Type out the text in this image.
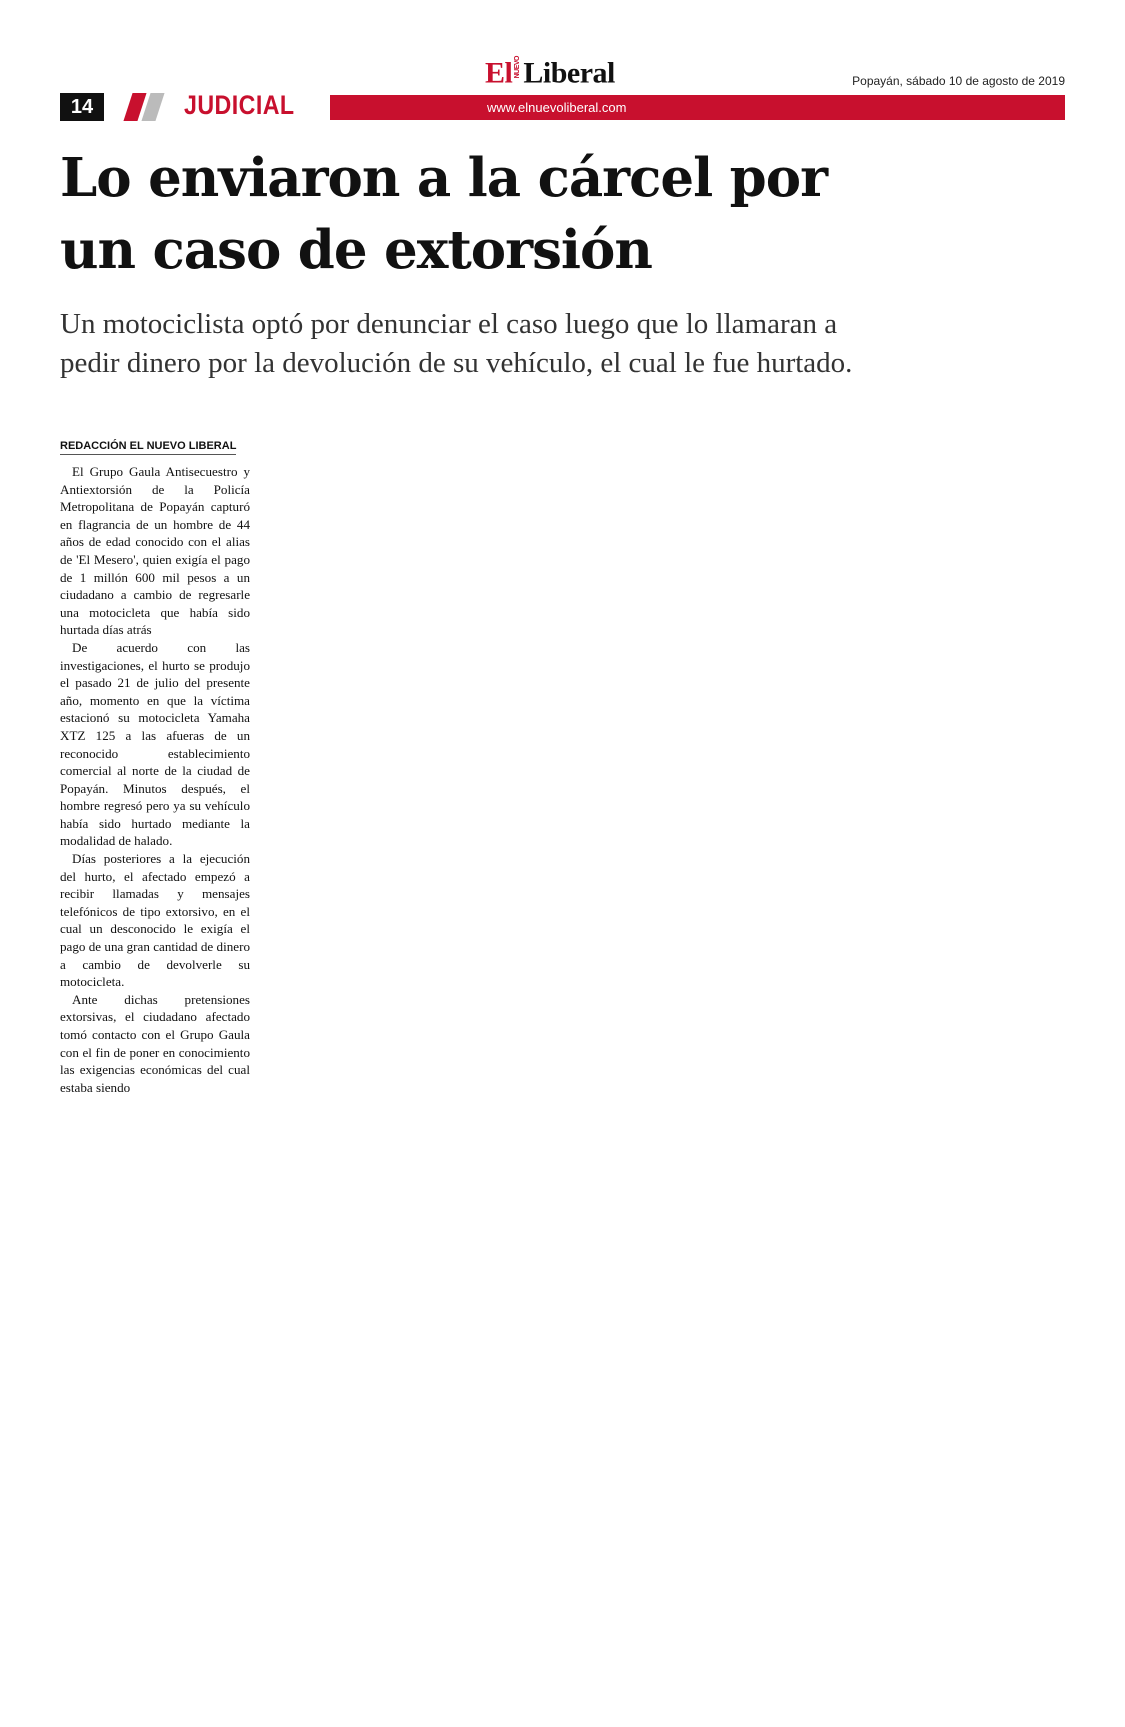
El NUEVOLiberal	Popayán, sábado 10 de agosto de 2019
14	JUDICIAL	www.elnuevoliberal.com
Lo enviaron a la cárcel por un caso de extorsión
Un motociclista optó por denunciar el caso luego que lo llamaran a pedir dinero por la devolución de su vehículo, el cual le fue hurtado.
REDACCIÓN EL NUEVO LIBERAL

El Grupo Gaula Antisecuestro y Antiextorsión de la Policía Metropolitana de Popayán capturó en flagrancia de un hombre de 44 años de edad conocido con el alias de 'El Mesero', quien exigía el pago de 1 millón 600 mil pesos a un ciudadano a cambio de regresarle una motocicleta que había sido hurtada días atrás

De acuerdo con las investigaciones, el hurto se produjo el pasado 21 de julio del presente año, momento en que la víctima estacionó su motocicleta Yamaha XTZ 125 a las afueras de un reconocido establecimiento comercial al norte de la ciudad de Popayán. Minutos después, el hombre regresó pero ya su vehículo había sido hurtado mediante la modalidad de halado.

Días posteriores a la ejecución del hurto, el afectado empezó a recibir llamadas y mensajes telefónicos de tipo extorsivo, en el cual un desconocido le exigía el pago de una gran cantidad de dinero a cambio de devolverle su motocicleta.

Ante dichas pretensiones extorsivas, el ciudadano afectado tomó contacto con el Grupo Gaula con el fin de poner en conocimiento las exigencias económicas del cual estaba siendo
